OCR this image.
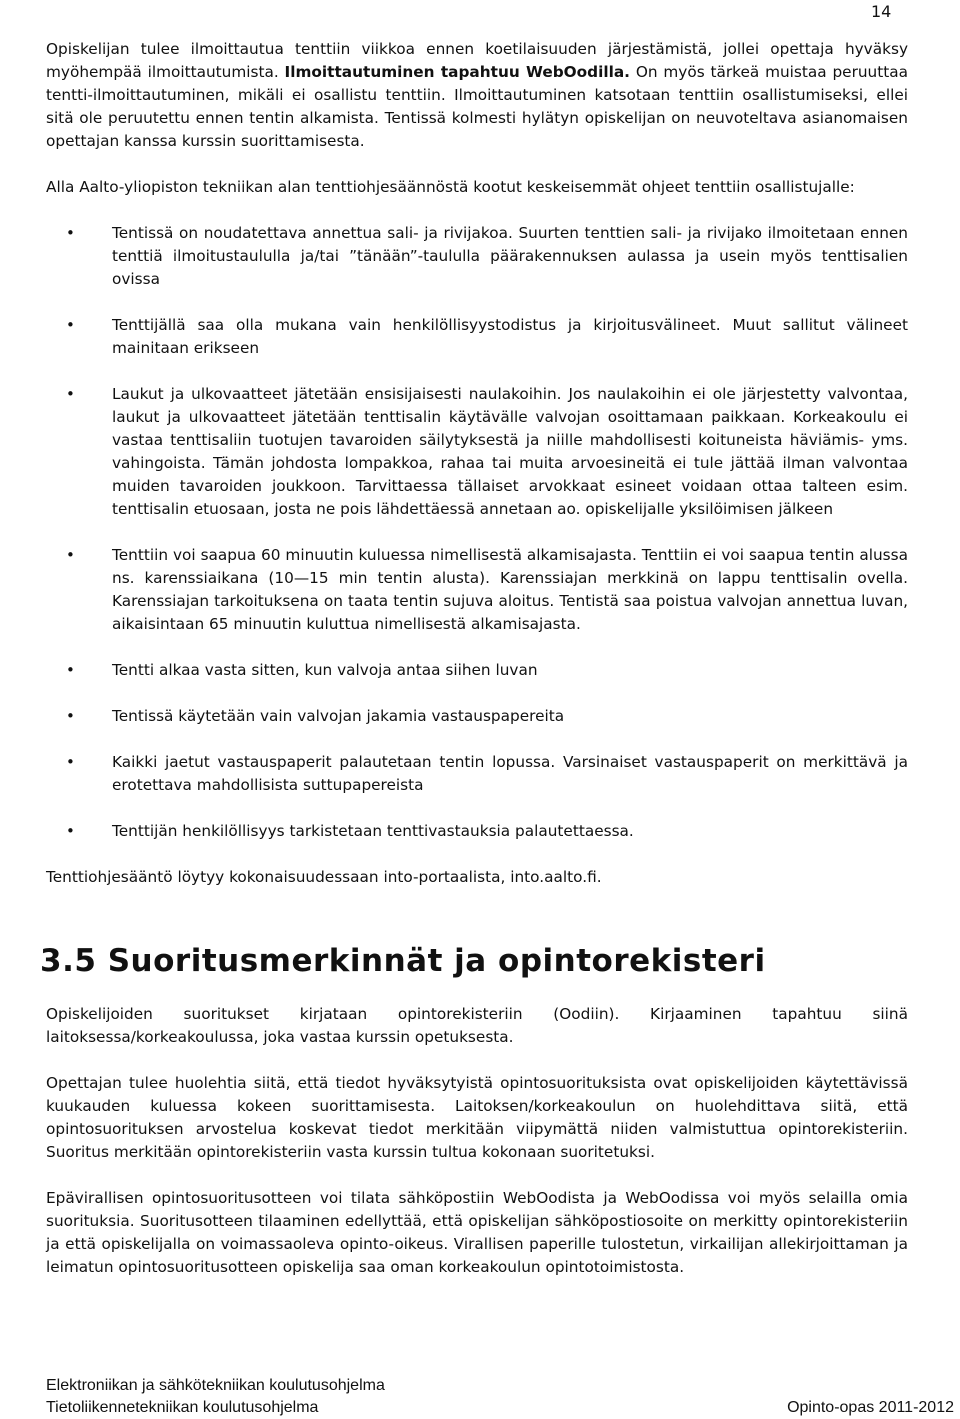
14

Opiskelijan tulee ilmoittautua tenttiin viikkoa ennen koetilaisuuden järjestämistä, jollei opettaja hyväksy myöhempää ilmoittautumista. Ilmoittautuminen tapahtuu WebOodilla. On myös tärkeä muistaa peruuttaa tentti-ilmoittautuminen, mikäli ei osallistu tenttiin. Ilmoittautuminen katsotaan tenttiin osallistumiseksi, ellei sitä ole peruutettu ennen tentin alkamista. Tentissä kolmesti hylätyn opiskelijan on neuvoteltava asianomaisen opettajan kanssa kurssin suorittamisesta.

Alla Aalto-yliopiston tekniikan alan tenttiohjesäännöstä kootut keskeisemmät ohjeet tenttiin osallistujalle:

• Tentissä on noudatettava annettua sali- ja rivijakoa. Suurten tenttien sali- ja rivijako ilmoitetaan ennen tenttiä ilmoitustaululla ja/tai ”tänään”-taululla päärakennuksen aulassa ja usein myös tenttisalien ovissa
• Tenttijällä saa olla mukana vain henkilöllisyystodistus ja kirjoitusvälineet. Muut sallitut välineet mainitaan erikseen
• Laukut ja ulkovaatteet jätetään ensisijaisesti naulakoihin. Jos naulakoihin ei ole järjestetty valvontaa, laukut ja ulkovaatteet jätetään tenttisalin käytävälle valvojan osoittamaan paikkaan. Korkeakoulu ei vastaa tenttisaliin tuotujen tavaroiden säilytyksestä ja niille mahdollisesti koituneista häviämis- yms. vahingoista. Tämän johdosta lompakkoa, rahaa tai muita arvoesineitä ei tule jättää ilman valvontaa muiden tavaroiden joukkoon. Tarvittaessa tällaiset arvokkaat esineet voidaan ottaa talteen esim. tenttisalin etuosaan, josta ne pois lähdettäessä annetaan ao. opiskelijalle yksilöimisen jälkeen
• Tenttiin voi saapua 60 minuutin kuluessa nimellisestä alkamisajasta. Tenttiin ei voi saapua tentin alussa ns. karenssiaikana (10—15 min tentin alusta). Karenssiajan merkkinä on lappu tenttisalin ovella. Karenssiajan tarkoituksena on taata tentin sujuva aloitus. Tentistä saa poistua valvojan annettua luvan, aikaisintaan 65 minuutin kuluttua nimellisestä alkamisajasta.
• Tentti alkaa vasta sitten, kun valvoja antaa siihen luvan
• Tentissä käytetään vain valvojan jakamia vastauspapereita
• Kaikki jaetut vastauspaperit palautetaan tentin lopussa. Varsinaiset vastauspaperit on merkittävä ja erotettava mahdollisista suttupapereista
• Tenttijän henkilöllisyys tarkistetaan tenttivastauksia palautettaessa.

Tenttiohjesääntö löytyy kokonaisuudessaan into-portaalista, into.aalto.fi.

3.5 Suoritusmerkinnät ja opintorekisteri

Opiskelijoiden suoritukset kirjataan opintorekisteriin (Oodiin). Kirjaaminen tapahtuu siinä laitoksessa/korkeakoulussa, joka vastaa kurssin opetuksesta.

Opettajan tulee huolehtia siitä, että tiedot hyväksytyistä opintosuorituksista ovat opiskelijoiden käytettävissä kuukauden kuluessa kokeen suorittamisesta. Laitoksen/korkeakoulun on huolehdittava siitä, että opintosuorituksen arvostelua koskevat tiedot merkitään viipymättä niiden valmistuttua opintorekisteriin. Suoritus merkitään opintorekisteriin vasta kurssin tultua kokonaan suoritetuksi.

Epävirallisen opintosuoritusotteen voi tilata sähköpostiin WebOodista ja WebOodissa voi myös selailla omia suorituksia. Suoritusotteen tilaaminen edellyttää, että opiskelijan sähköpostiosoite on merkitty opintorekisteriin ja että opiskelijalla on voimassaoleva opinto-oikeus. Virallisen paperille tulostetun, virkailijan allekirjoittaman ja leimatun opintosuoritusotteen opiskelija saa oman korkeakoulun opintotoimistosta.

Elektroniikan ja sähkötekniikan koulutusohjelma
Tietoliikennetekniikan koulutusohjelma	Opinto-opas 2011-2012
